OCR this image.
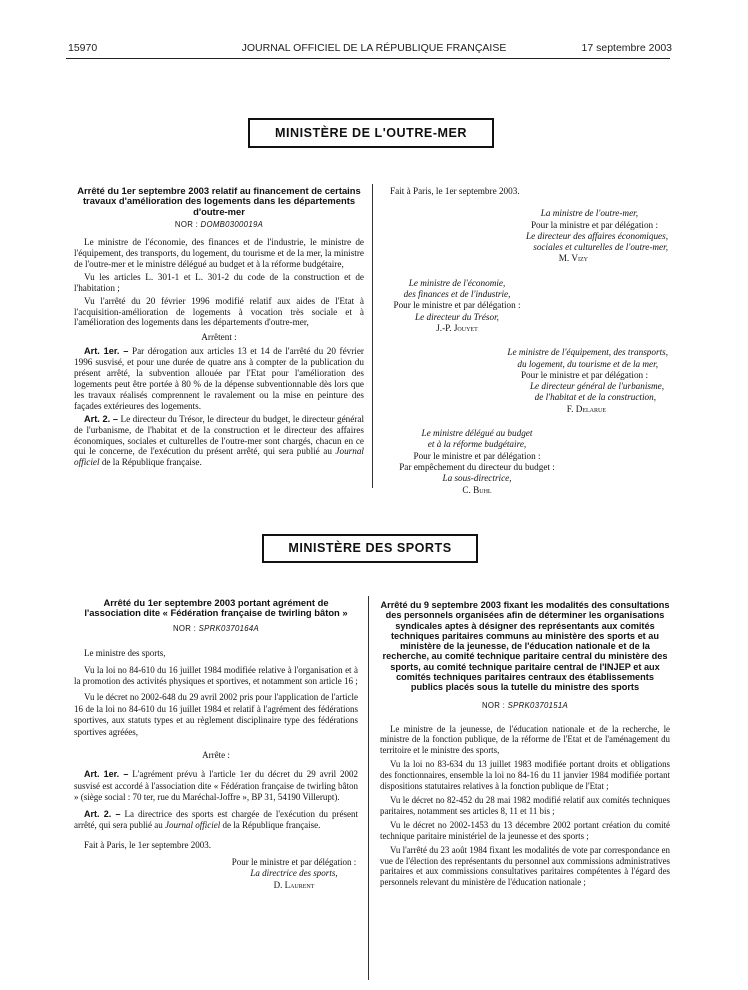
15970	JOURNAL OFFICIEL DE LA RÉPUBLIQUE FRANÇAISE	17 septembre 2003
MINISTÈRE DE L'OUTRE-MER
Arrêté du 1er septembre 2003 relatif au financement de certains travaux d'amélioration des logements dans les départements d'outre-mer
NOR : DOMB0300019A

Le ministre de l'économie, des finances et de l'industrie, le ministre de l'équipement, des transports, du logement, du tourisme et de la mer, la ministre de l'outre-mer et le ministre délégué au budget et à la réforme budgétaire,

Vu les articles L. 301-1 et L. 301-2 du code de la construction et de l'habitation ;

Vu l'arrêté du 20 février 1996 modifié relatif aux aides de l'Etat à l'acquisition-amélioration de logements à vocation très sociale et à l'amélioration des logements dans les départements d'outre-mer,

Arrêtent :

Art. 1er. – Par dérogation aux articles 13 et 14 de l'arrêté du 20 février 1996 susvisé, et pour une durée de quatre ans à compter de la publication du présent arrêté, la subvention allouée par l'Etat pour l'amélioration des logements peut être portée à 80 % de la dépense subventionnable dès lors que les travaux réalisés comprennent le ravalement ou la mise en peinture des façades extérieures des logements.

Art. 2. – Le directeur du Trésor, le directeur du budget, le directeur général de l'urbanisme, de l'habitat et de la construction et le directeur des affaires économiques, sociales et culturelles de l'outre-mer sont chargés, chacun en ce qui le concerne, de l'exécution du présent arrêté, qui sera publié au Journal officiel de la République française.

Fait à Paris, le 1er septembre 2003.

La ministre de l'outre-mer,

Pour la ministre et par délégation :

Le directeur des affaires économiques,

sociales et culturelles de l'outre-mer,

M. Vizy

Le ministre de l'économie,

des finances et de l'industrie,

Pour le ministre et par délégation :

Le directeur du Trésor,

J.-P. Jouyet

Le ministre de l'équipement, des transports,

du logement, du tourisme et de la mer,

Pour le ministre et par délégation :

Le directeur général de l'urbanisme,

de l'habitat et de la construction,

F. Delarue

Le ministre délégué au budget

et à la réforme budgétaire,

Pour le ministre et par délégation :

Par empêchement du directeur du budget :

La sous-directrice,

C. Buhl

MINISTÈRE DES SPORTS
Arrêté du 1er septembre 2003 portant agrément de l'association dite « Fédération française de twirling bâton »
NOR : SPRK0370164A

Le ministre des sports,

Vu la loi no 84-610 du 16 juillet 1984 modifiée relative à l'organisation et à la promotion des activités physiques et sportives, et notamment son article 16 ;

Vu le décret no 2002-648 du 29 avril 2002 pris pour l'application de l'article 16 de la loi no 84-610 du 16 juillet 1984 et relatif à l'agrément des fédérations sportives, aux statuts types et au règlement disciplinaire type des fédérations sportives agréées,

Arrête :

Art. 1er. – L'agrément prévu à l'article 1er du décret du 29 avril 2002 susvisé est accordé à l'association dite « Fédération française de twirling bâton » (siège social : 70 ter, rue du Maréchal-Joffre », BP 31, 54190 Villerupt).

Art. 2. – La directrice des sports est chargée de l'exécution du présent arrêté, qui sera publié au Journal officiel de la République française.

Fait à Paris, le 1er septembre 2003.

Pour le ministre et par délégation :

La directrice des sports,

D. Laurent

Arrêté du 9 septembre 2003 fixant les modalités des consultations des personnels organisées afin de déterminer les organisations syndicales aptes à désigner des représentants aux comités techniques paritaires communs au ministère des sports et au ministère de la jeunesse, de l'éducation nationale et de la recherche, au comité technique paritaire central du ministère des sports, au comité technique paritaire central de l'INJEP et aux comités techniques paritaires centraux des établissements publics placés sous la tutelle du ministre des sports
NOR : SPRK0370151A

Le ministre de la jeunesse, de l'éducation nationale et de la recherche, le ministre de la fonction publique, de la réforme de l'Etat et de l'aménagement du territoire et le ministre des sports,

Vu la loi no 83-634 du 13 juillet 1983 modifiée portant droits et obligations des fonctionnaires, ensemble la loi no 84-16 du 11 janvier 1984 modifiée portant dispositions statutaires relatives à la fonction publique de l'Etat ;

Vu le décret no 82-452 du 28 mai 1982 modifié relatif aux comités techniques paritaires, notamment ses articles 8, 11 et 11 bis ;

Vu le décret no 2002-1453 du 13 décembre 2002 portant création du comité technique paritaire ministériel de la jeunesse et des sports ;

Vu l'arrêté du 23 août 1984 fixant les modalités de vote par correspondance en vue de l'élection des représentants du personnel aux commissions administratives paritaires et aux commissions consultatives paritaires compétentes à l'égard des personnels relevant du ministère de l'éducation nationale ;
